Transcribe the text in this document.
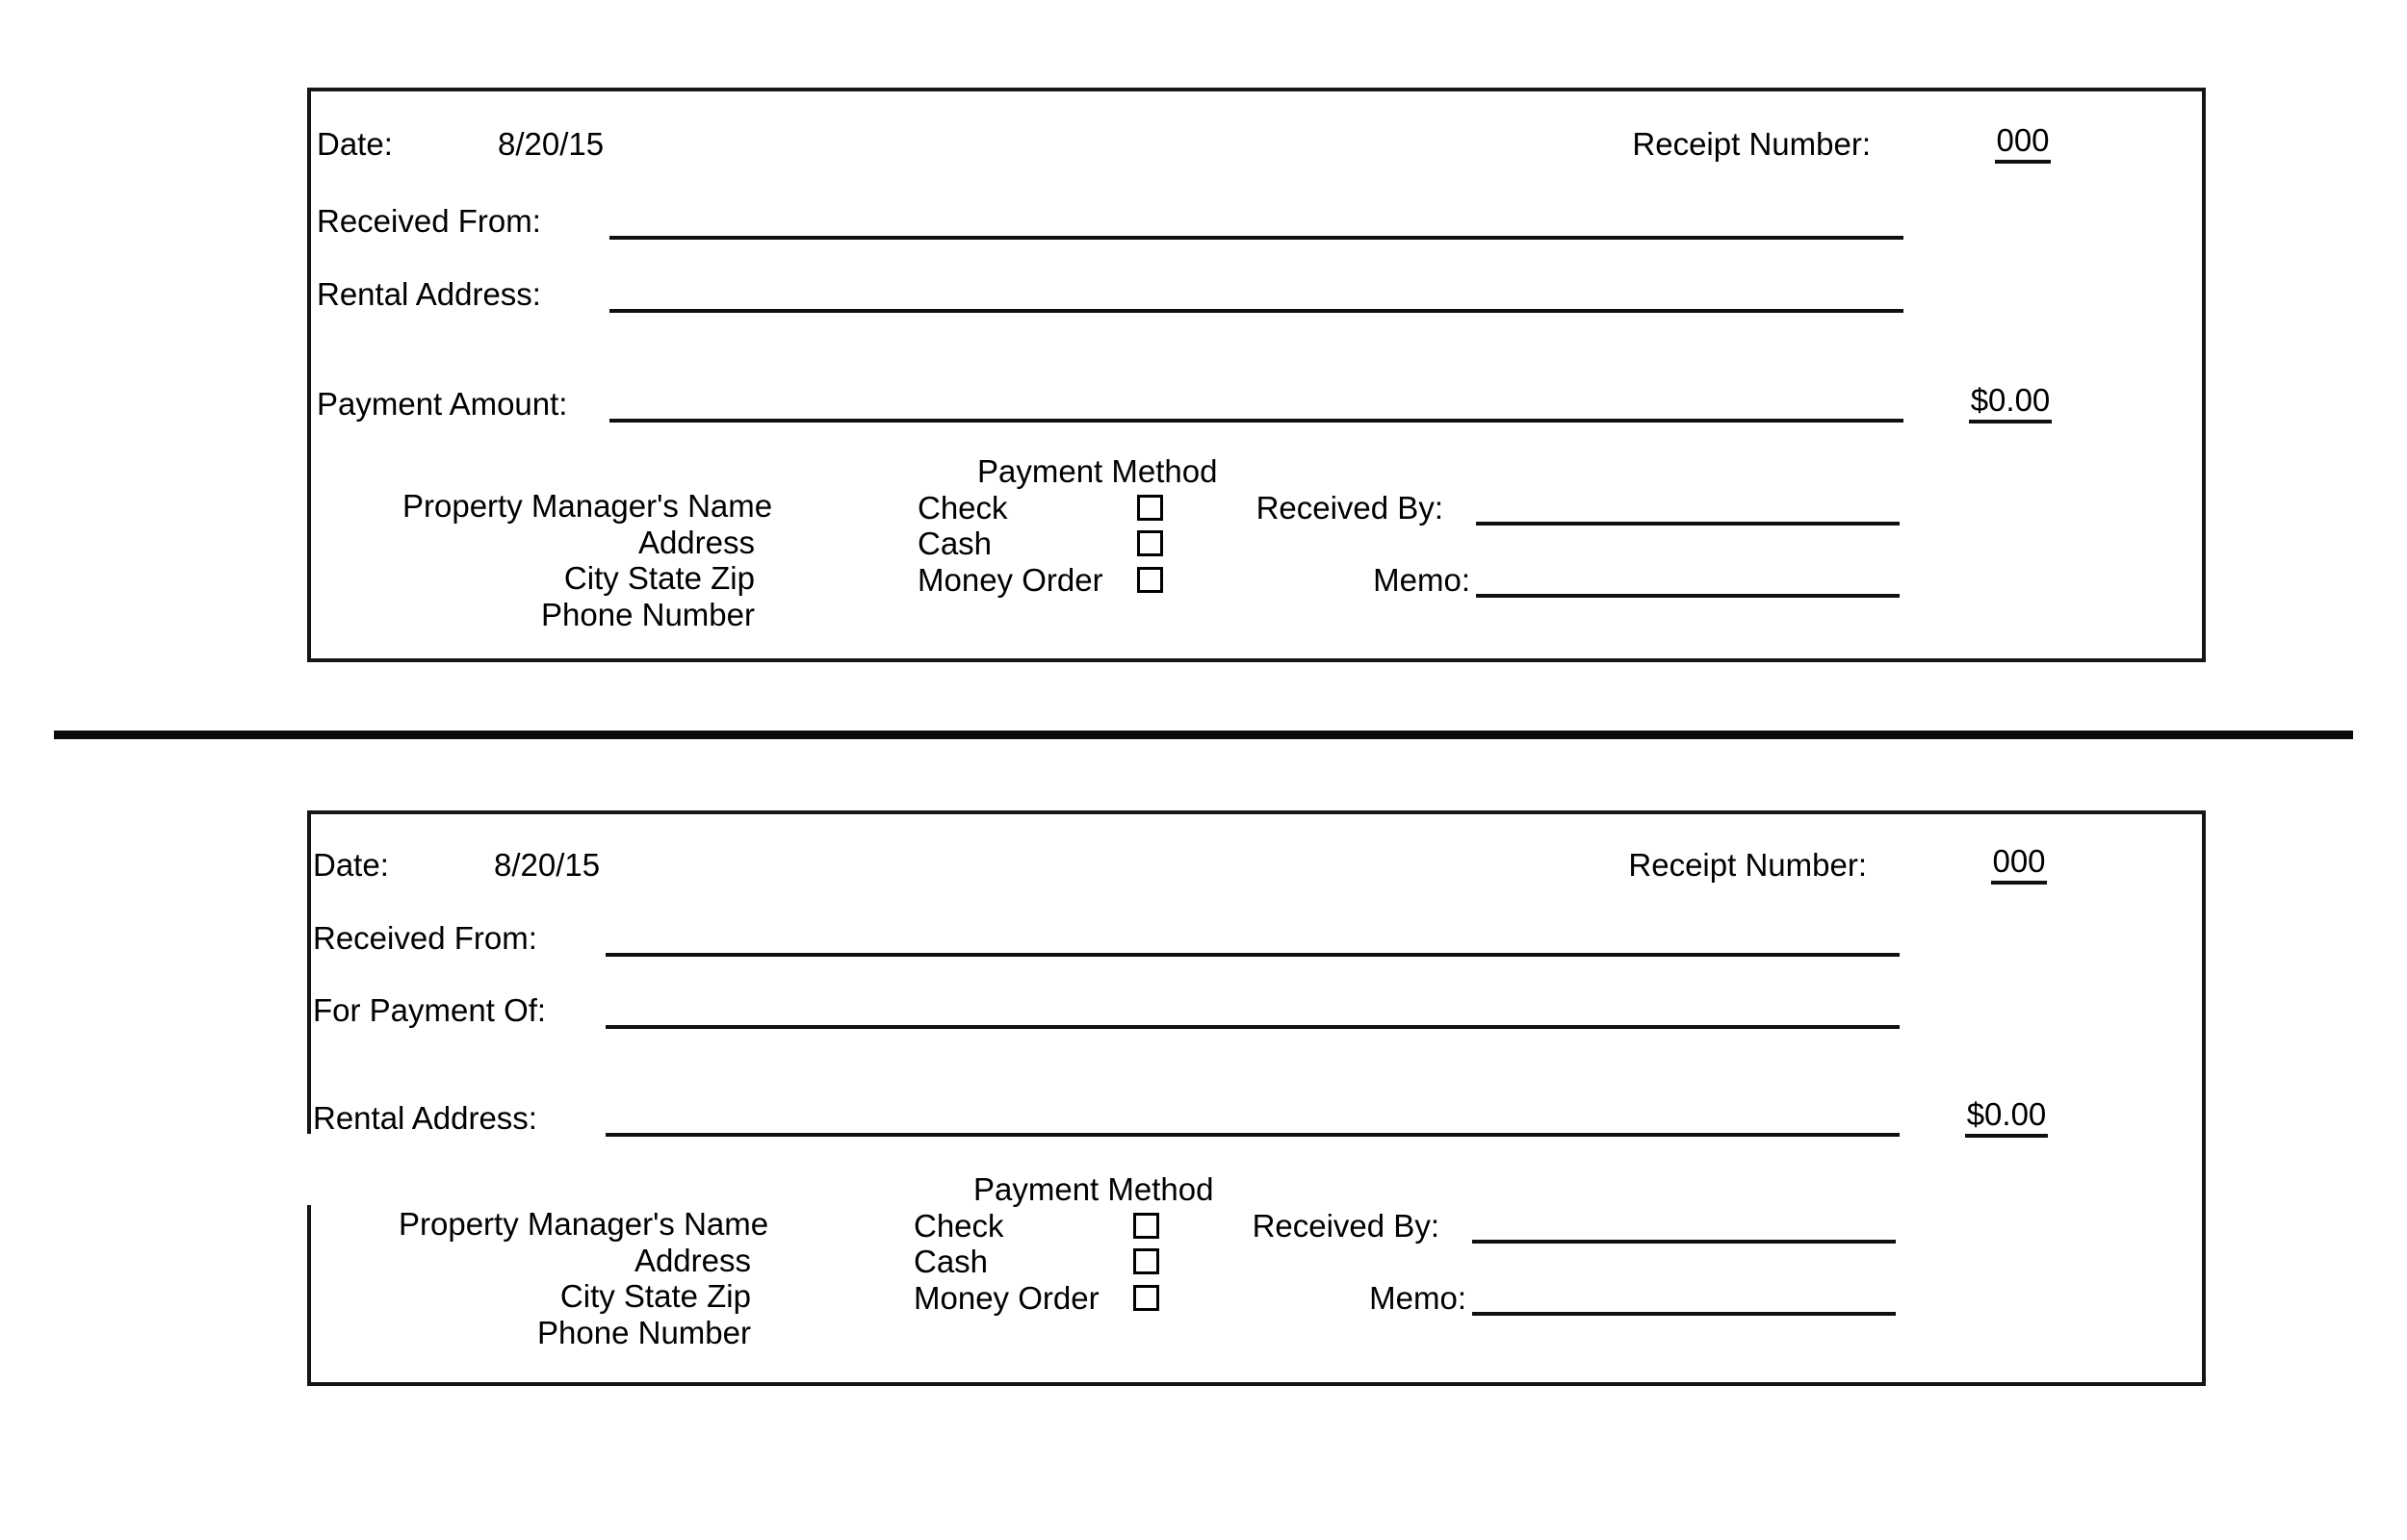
Date:	8/20/15	Receipt Number:	000
Received From:
Rental Address:
Payment Amount:	$0.00
Payment Method
Check
Cash
Money Order
Property Manager's Name
Address
City State Zip
Phone Number
Received By:
Memo:
Date:	8/20/15	Receipt Number:	000
Received From:
For Payment Of:
Rental Address:	$0.00
Payment Method
Check
Cash
Money Order
Property Manager's Name
Address
City State Zip
Phone Number
Received By:
Memo:
